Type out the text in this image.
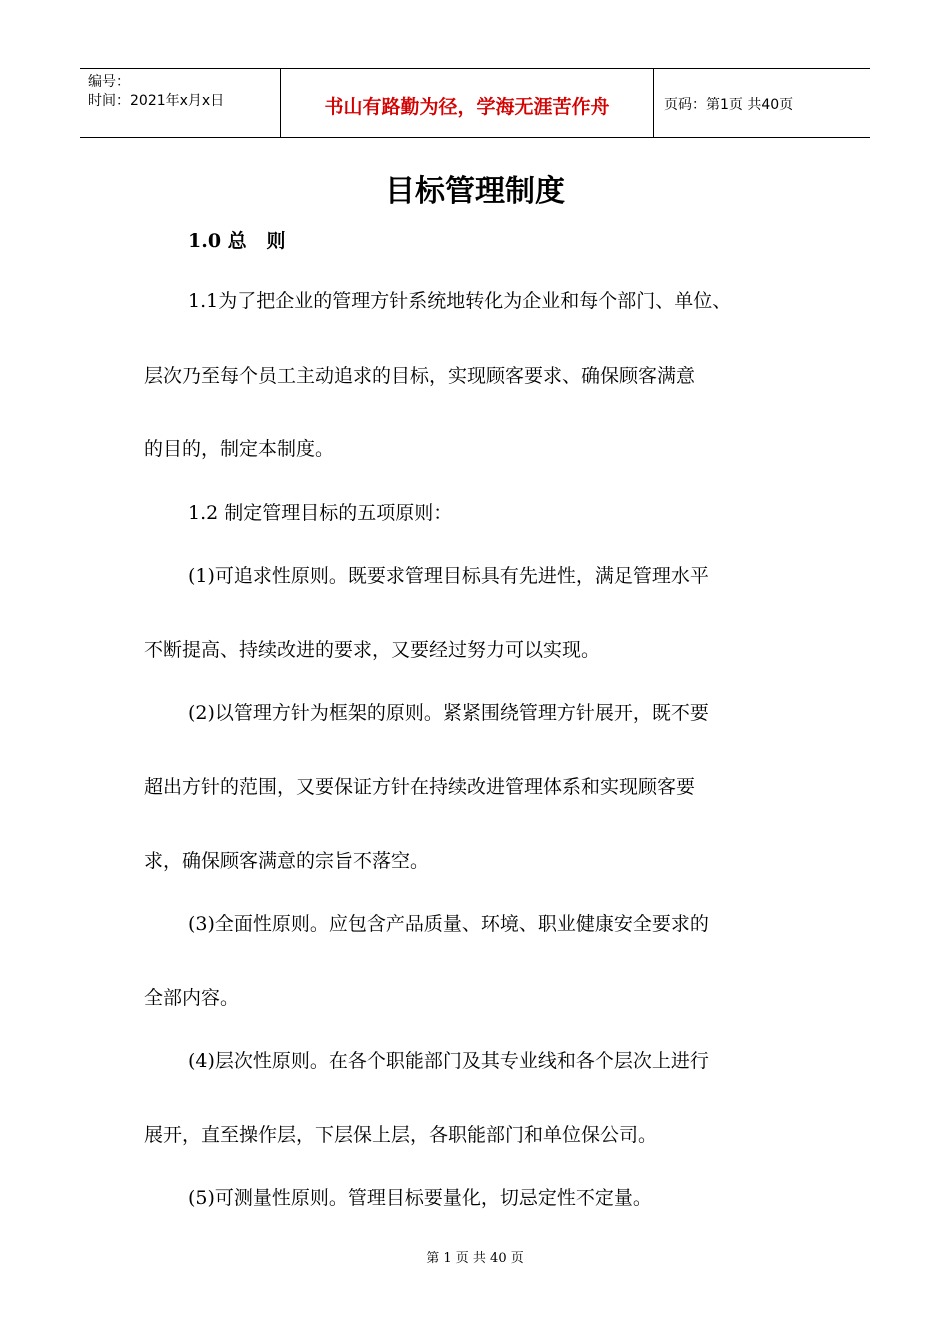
编号：
时间：2021年x月x日	书山有路勤为径，学海无涯苦作舟	页码：第1页 共40页
目标管理制度
1.0 总   则

1.1为了把企业的管理方针系统地转化为企业和每个部门、单位、

层次乃至每个员工主动追求的目标，实现顾客要求、确保顾客满意

的目的，制定本制度。

1.2 制定管理目标的五项原则：

(1)可追求性原则。既要求管理目标具有先进性，满足管理水平

不断提高、持续改进的要求，又要经过努力可以实现。

(2)以管理方针为框架的原则。紧紧围绕管理方针展开，既不要

超出方针的范围，又要保证方针在持续改进管理体系和实现顾客要

求，确保顾客满意的宗旨不落空。

(3)全面性原则。应包含产品质量、环境、职业健康安全要求的

全部内容。

(4)层次性原则。在各个职能部门及其专业线和各个层次上进行

展开，直至操作层，下层保上层，各职能部门和单位保公司。

(5)可测量性原则。管理目标要量化，切忌定性不定量。

第 1 页 共 40 页
